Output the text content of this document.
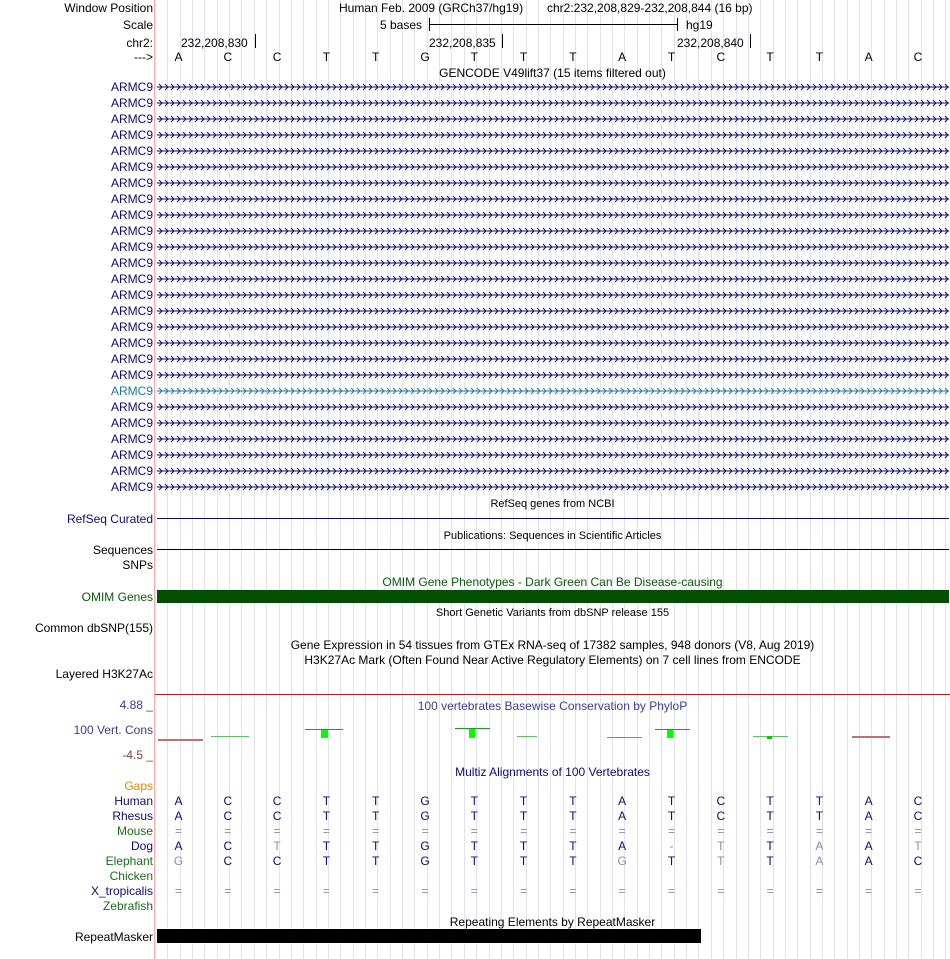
Window Position	Human Feb. 2009 (GRCh37/hg19) chr2:232,208,829-232,208,844 (16 bp)
Scale	5 bases	hg19
chr2: 232,208,830	232,208,835	232,208,840
--->	A	C	C	T	T	G	T	T	T	A	T	C	T	T	A	C
GENCODE V49lift37 (15 items filtered out)
ARMC9
ARMC9
ARMC9
ARMC9
ARMC9
ARMC9
ARMC9
ARMC9
ARMC9
ARMC9
ARMC9
ARMC9
ARMC9
ARMC9
ARMC9
ARMC9
ARMC9
ARMC9
ARMC9
ARMC9
ARMC9
ARMC9
ARMC9
ARMC9
ARMC9
ARMC9
RefSeq genes from NCBI
RefSeq Curated
Publications: Sequences in Scientific Articles
Sequences
SNPs
OMIM Gene Phenotypes - Dark Green Can Be Disease-causing
OMIM Genes
Short Genetic Variants from dbSNP release 155
Common dbSNP(155)
Gene Expression in 54 tissues from GTEx RNA-seq of 17382 samples, 948 donors (V8, Aug 2019)
H3K27Ac Mark (Often Found Near Active Regulatory Elements) on 7 cell lines from ENCODE
Layered H3K27Ac
100 vertebrates Basewise Conservation by PhyloP
4.88 _
100 Vert. Cons
-4.5 _
Multiz Alignments of 100 Vertebrates
Gaps
Human	A	C	C	T	T	G	T	T	T	A	T	C	T	T	A	C
Rhesus	A	C	C	T	T	G	T	T	T	A	T	C	T	T	A	C
Mouse	=	=	=	=	=	=	=	=	=	=	=	=	=	=	=	=
Dog	A	C	T	T	T	G	T	T	T	A	-	T	T	A	A	T
Elephant	G	C	C	T	T	G	T	T	T	G	T	T	T	A	A	C
Chicken
X_tropicalis	=	=	=	=	=	=	=	=	=	=	=	=	=	=	=	=
Zebrafish
Repeating Elements by RepeatMasker
RepeatMasker
